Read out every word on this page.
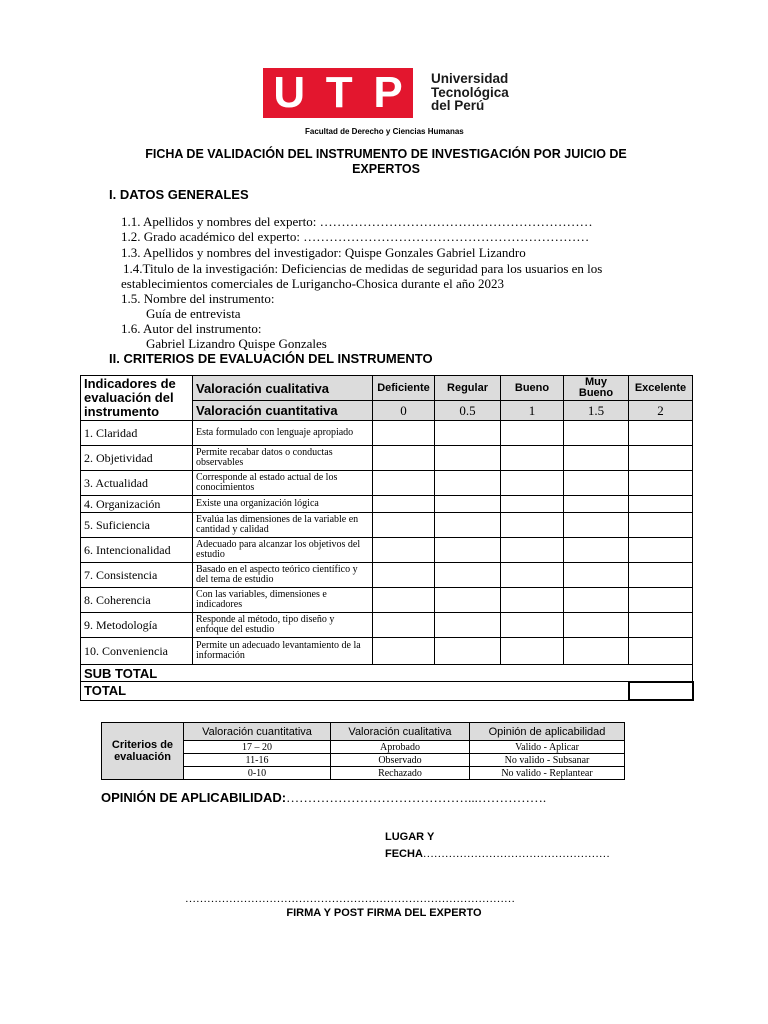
U T P Universidad
Tecnológica
del Perú
Facultad de Derecho y Ciencias Humanas
FICHA DE VALIDACIÓN DEL INSTRUMENTO DE INVESTIGACIÓN POR JUICIO DE
EXPERTOS
I. DATOS GENERALES
1.1. Apellidos y nombres del experto: ………………………………………………………
1.2. Grado académico del experto: …………………………………………………………
1.3. Apellidos y nombres del investigador: Quispe Gonzales Gabriel Lizandro
1.4.Titulo de la investigación: Deficiencias de medidas de seguridad para los usuarios en los
establecimientos comerciales de Lurigancho-Chosica durante el año 2023
1.5. Nombre del instrumento:
Guía de entrevista
1.6. Autor del instrumento:
Gabriel Lizandro Quispe Gonzales
II. CRITERIOS DE EVALUACIÓN DEL INSTRUMENTO
Indicadores de evaluación del instrumento	Valoración cualitativa	Deficiente	Regular	Bueno	Muy Bueno	Excelente
	Valoración cuantitativa	0	0.5	1	1.5	2
1. Claridad	Esta formulado con lenguaje apropiado					
2. Objetividad	Permite recabar datos o conductas observables					
3. Actualidad	Corresponde al estado actual de los conocimientos					
4. Organización	Existe una organización lógica					
5. Suficiencia	Evalúa las dimensiones de la variable en cantidad y calidad					
6. Intencionalidad	Adecuado para alcanzar los objetivos del estudio					
7. Consistencia	Basado en el aspecto teórico científico y del tema de estudio					
8. Coherencia	Con las variables, dimensiones e indicadores					
9. Metodología	Responde al método, tipo diseño y enfoque del estudio					
10. Conveniencia	Permite un adecuado levantamiento de la información					
SUB TOTAL						
TOTAL						
Criterios de evaluación	Valoración cuantitativa	Valoración cualitativa	Opinión de aplicabilidad
	17 – 20	Aprobado	Valido - Aplicar
	11-16	Observado	No valido - Subsanar
	0-10	Rechazado	No valido - Replantear
OPINIÓN DE APLICABILIDAD:……………………………………...…………….
LUGAR Y
FECHA……………………………………………
………………………………………………………………………………
FIRMA Y POST FIRMA DEL EXPERTO
